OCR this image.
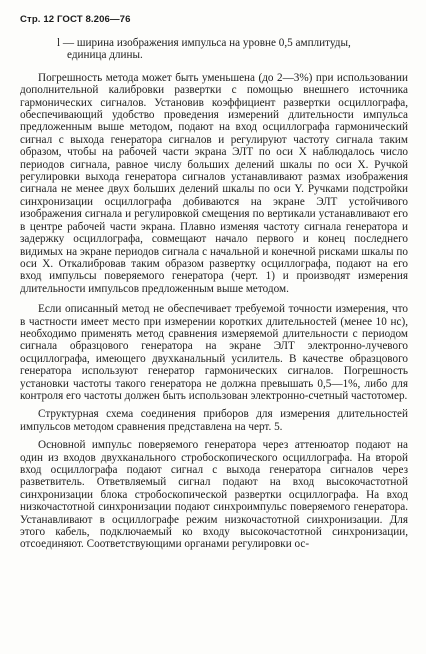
Стр. 12 ГОСТ 8.206—76
l — ширина изображения импульса на уровне 0,5 амплитуды,
единица длины.

Погрешность метода может быть уменьшена (до 2—3%) при использовании дополнительной калибровки развертки с помощью внешнего источника гармонических сигналов. Установив коэффициент развертки осциллографа, обеспечивающий удобство проведения измерений длительности импульса предложенным выше методом, подают на вход осциллографа гармонический сигнал с выхода генератора сигналов и регулируют частоту сигнала таким образом, чтобы на рабочей части экрана ЭЛТ по оси X наблюдалось число периодов сигнала, равное числу больших делений шкалы по оси X. Ручкой регулировки выхода генератора сигналов устанавливают размах изображения сигнала не менее двух больших делений шкалы по оси Y. Ручками подстройки синхронизации осциллографа добиваются на экране ЭЛТ устойчивого изображения сигнала и регулировкой смещения по вертикали устанавливают его в центре рабочей части экрана. Плавно изменяя частоту сигнала генератора и задержку осциллографа, совмещают начало первого и конец последнего видимых на экране периодов сигнала с начальной и конечной рисками шкалы по оси X. Откалибровав таким образом развертку осциллографа, подают на его вход импульсы поверяемого генератора (черт. 1) и производят измерения длительности импульсов предложенным выше методом.

Если описанный метод не обеспечивает требуемой точности измерения, что в частности имеет место при измерении коротких длительностей (менее 10 нс), необходимо применять метод сравнения измеряемой длительности с периодом сигнала образцового генератора на экране ЭЛТ электронно-лучевого осциллографа, имеющего двухканальный усилитель. В качестве образцового генератора используют генератор гармонических сигналов. Погрешность установки частоты такого генератора не должна превышать 0,5—1%, либо для контроля его частоты должен быть использован электронно-счетный частотомер.

Структурная схема соединения приборов для измерения длительностей импульсов методом сравнения представлена на черт. 5.

Основной импульс поверяемого генератора через аттенюатор подают на один из входов двухканального стробоскопического осциллографа. На второй вход осциллографа подают сигнал с выхода генератора сигналов через разветвитель. Ответвляемый сигнал подают на вход высокочастотной синхронизации блока стробоскопической развертки осциллографа. На вход низкочастотной синхронизации подают синхроимпульс поверяемого генератора. Устанавливают в осциллографе режим низкочастотной синхронизации. Для этого кабель, подключаемый ко входу высокочастотной синхронизации, отсоединяют. Соответствующими органами регулировки ос-
